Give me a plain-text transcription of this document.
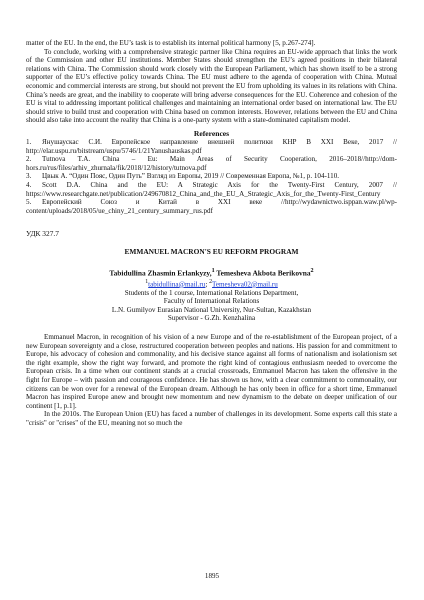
matter of the EU. In the end, the EU’s task is to establish its internal political harmony [5, p.267-274].

To conclude, working with a comprehensive strategic partner like China requires an EU-wide approach that links the work of the Commission and other EU institutions. Member States should strengthen the EU’s agreed positions in their bilateral relations with China. The Commission should work closely with the European Parliament, which has shown itself to be a strong supporter of the EU’s effective policy towards China. The EU must adhere to the agenda of cooperation with China. Mutual economic and commercial interests are strong, but should not prevent the EU from upholding its values in its relations with China. China’s needs are great, and the inability to cooperate will bring adverse consequences for the EU. Coherence and cohesion of the EU is vital to addressing important political challenges and maintaining an international order based on international law. The EU should strive to build trust and cooperation with China based on common interests. However, relations between the EU and China should also take into account the reality that China is a one-party system with a state-dominated capitalism model.

References

1. Янушаускас С.И. Европейское направление внешней политики КНР В XXI Веке, 2017 // http://elar.uspu.ru/bitstream/uspu/5746/1/21Yanushauskas.pdf
2. Tutnova T.A. China – Eu: Main Areas of Security Cooperation, 2016–2018//http://dom-hors.ru/rus/files/arhiv_zhurnala/fik/2018/12/history/tutnova.pdf
3. Цвык А. “Один Пояс, Один Путь” Взгляд из Европы, 2019 // Современная Европа, №1, р. 104-110.
4. Scott D.A. China and the EU: A Strategic Axis for the Twenty-First Century, 2007 // https://www.researchgate.net/publication/249670812_China_and_the_EU_A_Strategic_Axis_for_the_Twenty-First_Century
5. Европейский Союз и Китай в XXI веке //http://wydawnictwo.isppan.waw.pl/wp-content/uploads/2018/05/ue_chiny_21_century_summary_rus.pdf

УДК 327.7

EMMANUEL MACRON'S EU REFORM PROGRAM

Tabidullina Zhasmin Erlankyzy,$^1$ Temesheva Akbota Berikovna$^2$

$^1$tabidullina@mail.ru; $^2$Temesheva02@mail.ru

Students of the 1 course, International Relations Department,

Faculty of International Relations

L.N. Gumilyov Eurasian National University, Nur-Sultan, Kazakhstan

Supervisor - G.Zh. Kenzhalina

Emmanuel Macron, in recognition of his vision of a new Europe and of the re-establishment of the European project, of a new European sovereignty and a close, restructured cooperation between peoples and nations. His passion for and commitment to Europe, his advocacy of cohesion and commonality, and his decisive stance against all forms of nationalism and isolationism set the right example, show the right way forward, and promote the right kind of contagious enthusiasm needed to overcome the European crisis. In a time when our continent stands at a crucial crossroads, Emmanuel Macron has taken the offensive in the fight for Europe – with passion and courageous confidence. He has shown us how, with a clear commitment to commonality, our citizens can be won over for a renewal of the European dream. Although he has only been in office for a short time, Emmanuel Macron has inspired Europe anew and brought new momentum and new dynamism to the debate on deeper unification of our continent [1, p.1].

In the 2010s. The European Union (EU) has faced a number of challenges in its development. Some experts call this state a "crisis" or "crises" of the EU, meaning not so much the

1895
